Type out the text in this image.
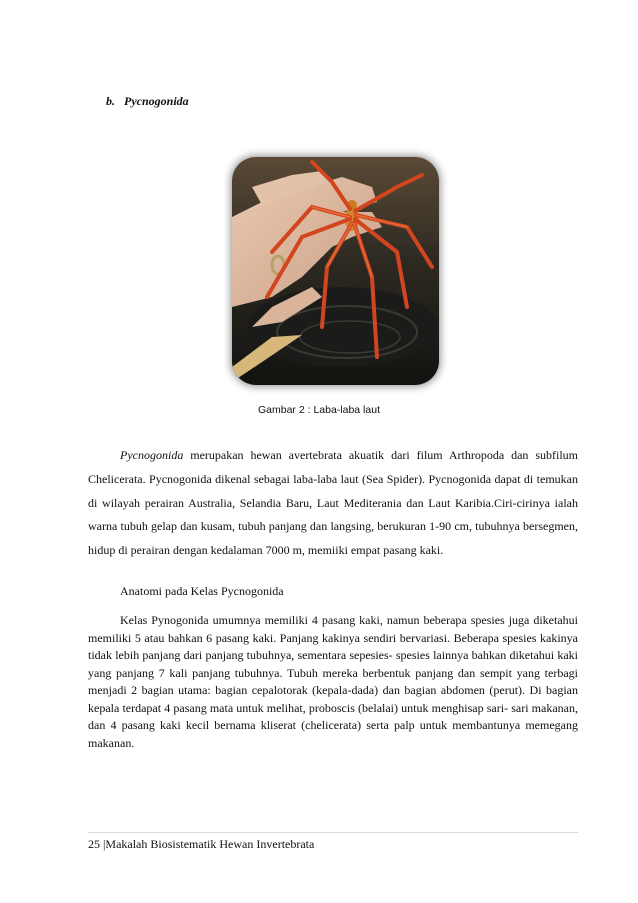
b. Pycnogonida
Gambar 2 : Laba-laba laut

Pycnogonida merupakan hewan avertebrata akuatik dari filum Arthropoda dan subfilum Chelicerata. Pycnogonida dikenal sebagai laba-laba laut (Sea Spider). Pycnogonida dapat di temukan di wilayah perairan Australia, Selandia Baru, Laut Mediterania dan Laut Karibia.Ciri-cirinya ialah warna tubuh gelap dan kusam, tubuh panjang dan langsing, berukuran 1-90 cm, tubuhnya bersegmen, hidup di perairan dengan kedalaman 7000 m, memiiki empat pasang kaki.

Anatomi pada Kelas Pycnogonida

Kelas Pynogonida umumnya memiliki 4 pasang kaki, namun beberapa spesies juga diketahui memiliki 5 atau bahkan 6 pasang kaki. Panjang kakinya sendiri bervariasi. Beberapa spesies kakinya tidak lebih panjang dari panjang tubuhnya, sementara sepesies- spesies lainnya bahkan diketahui kaki yang panjang 7 kali panjang tubuhnya. Tubuh mereka berbentuk panjang dan sempit yang terbagi menjadi 2 bagian utama: bagian cepalotorak (kepala-dada) dan bagian abdomen (perut). Di bagian kepala terdapat 4 pasang mata untuk melihat, proboscis (belalai) untuk menghisap sari- sari makanan, dan 4 pasang kaki kecil bernama kliserat (chelicerata) serta palp untuk membantunya memegang makanan.

25 |Makalah Biosistematik Hewan Invertebrata
